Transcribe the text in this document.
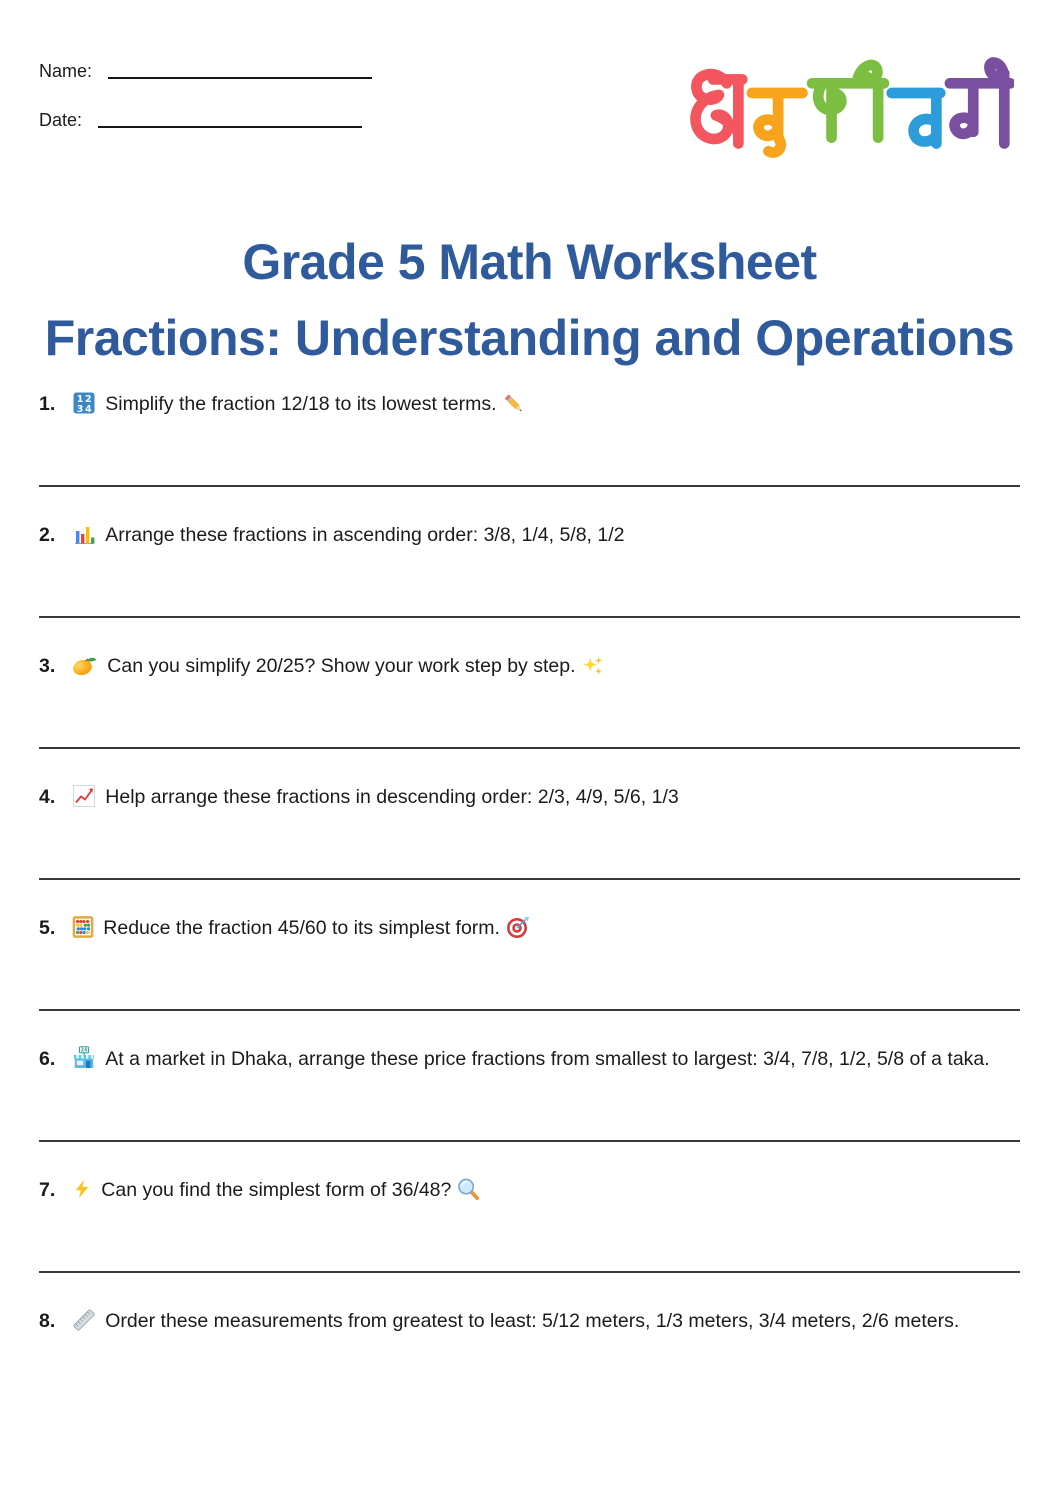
Name:
Date:
Grade 5 Math Worksheet
Fractions: Understanding and Operations

1. 1 2
3 4 Simplify the fraction 12/18 to its lowest terms.

2.	Arrange these fractions in ascending order: 3/8, 1/4, 5/8, 1/2

3.	Can you simplify 20/25? Show your work step by step.

4.	Help arrange these fractions in descending order: 2/3, 4/9, 5/6, 1/3

5. Reduce the fraction 45/60 to its simplest form.

6.	24 At a market in Dhaka, arrange these price fractions from smallest to largest: 3/4, 7/8, 1/2, 5/8 of a taka.

7. Can you find the simplest form of 36/48?

8.	Order these measurements from greatest to least: 5/12 meters, 1/3 meters, 3/4 meters, 2/6 meters.
